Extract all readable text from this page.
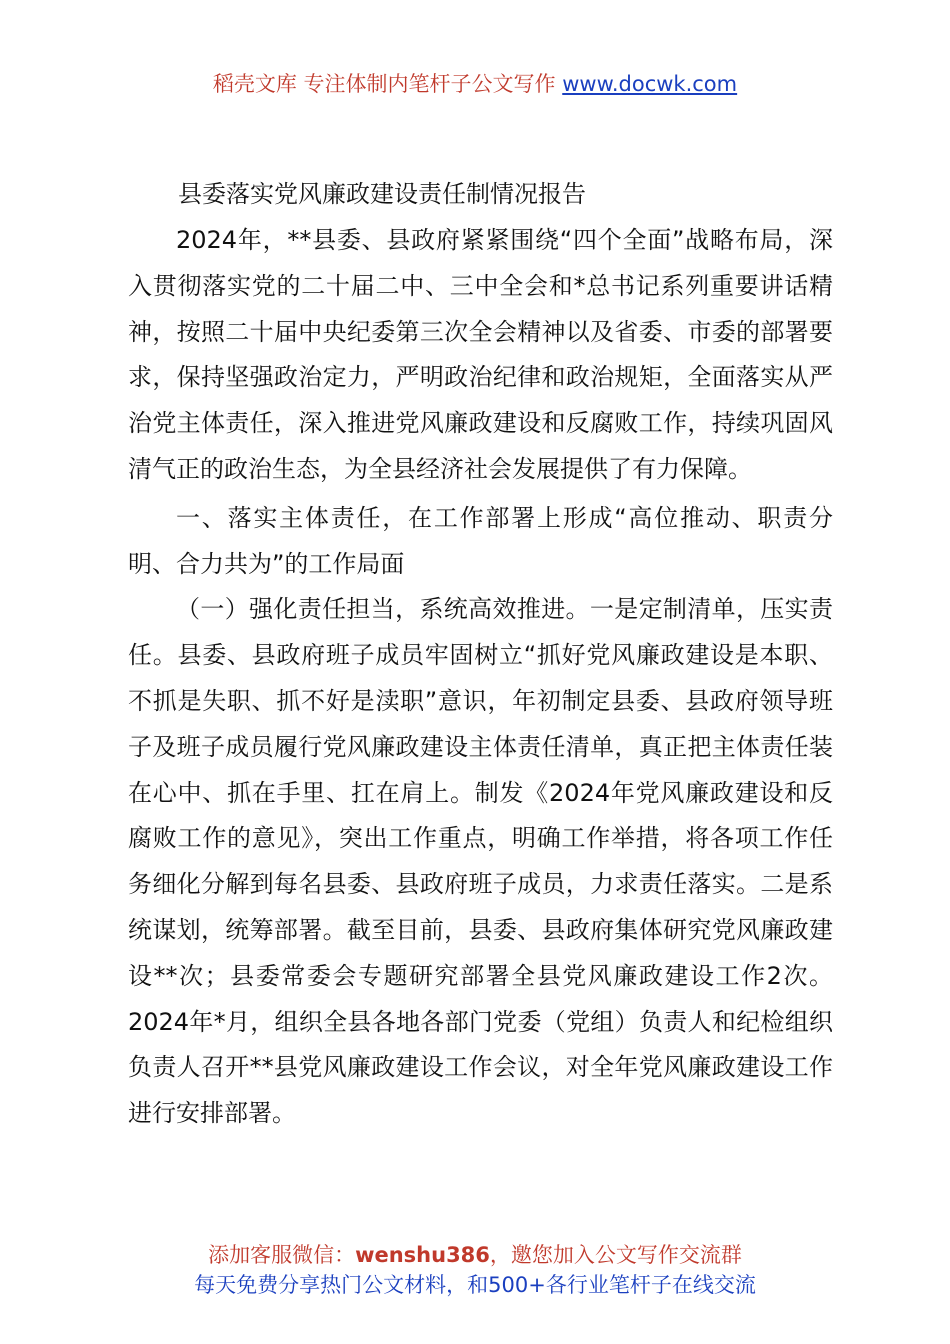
稻壳文库 专注体制内笔杆子公文写作 www.docwk.com
县委落实党风廉政建设责任制情况报告

2024年，**县委、县政府紧紧围绕“四个全面”战略布局，深入贯彻落实党的二十届二中、三中全会和*总书记系列重要讲话精神，按照二十届中央纪委第三次全会精神以及省委、市委的部署要求，保持坚强政治定力，严明政治纪律和政治规矩，全面落实从严治党主体责任，深入推进党风廉政建设和反腐败工作，持续巩固风清气正的政治生态，为全县经济社会发展提供了有力保障。

一、落实主体责任，在工作部署上形成“高位推动、职责分明、合力共为”的工作局面

（一）强化责任担当，系统高效推进。一是定制清单，压实责任。县委、县政府班子成员牢固树立“抓好党风廉政建设是本职、不抓是失职、抓不好是渎职”意识，年初制定县委、县政府领导班子及班子成员履行党风廉政建设主体责任清单，真正把主体责任装在心中、抓在手里、扛在肩上。制发《2024年党风廉政建设和反腐败工作的意见》，突出工作重点，明确工作举措，将各项工作任务细化分解到每名县委、县政府班子成员，力求责任落实。二是系统谋划，统筹部署。截至目前，县委、县政府集体研究党风廉政建设**次；县委常委会专题研究部署全县党风廉政建设工作2次。2024年*月，组织全县各地各部门党委（党组）负责人和纪检组织负责人召开**县党风廉政建设工作会议，对全年党风廉政建设工作进行安排部署。

添加客服微信：wenshu386，邀您加入公文写作交流群
每天免费分享热门公文材料，和500+各行业笔杆子在线交流
